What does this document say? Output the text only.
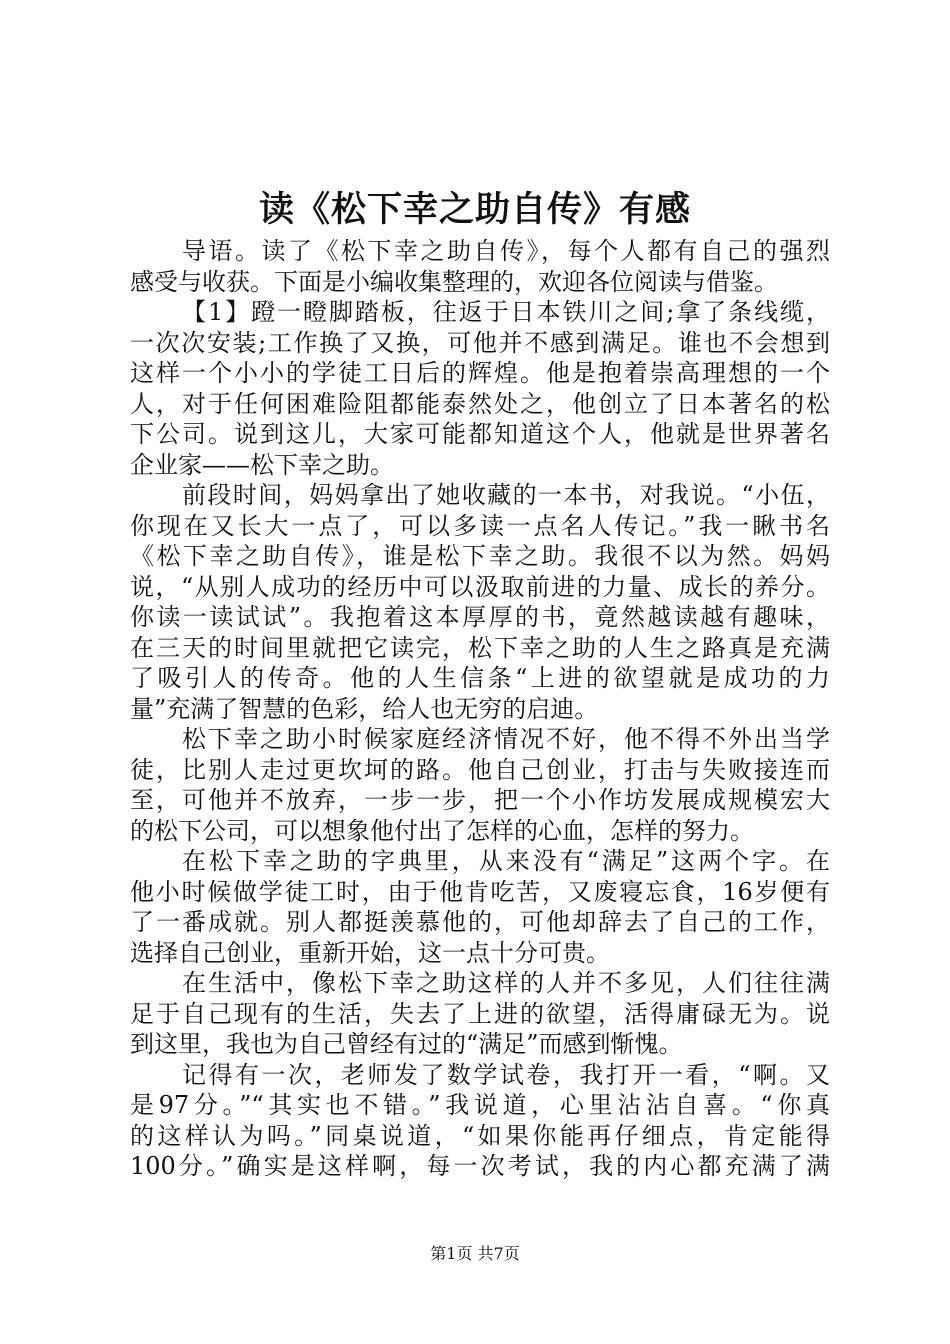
读《松下幸之助自传》有感
导语。读了《松下幸之助自传》，每个人都有自己的强烈
感受与收获。下面是小编收集整理的，欢迎各位阅读与借鉴。
【1】蹬一瞪脚踏板，往返于日本铁川之间;拿了条线缆，
一次次安装;工作换了又换，可他并不感到满足。谁也不会想到
这样一个小小的学徒工日后的辉煌。他是抱着崇高理想的一个
人，对于任何困难险阻都能泰然处之，他创立了日本著名的松
下公司。说到这儿，大家可能都知道这个人，他就是世界著名
企业家——松下幸之助。
前段时间，妈妈拿出了她收藏的一本书，对我说。“小伍，
你现在又长大一点了，可以多读一点名人传记。”我一瞅书名
《松下幸之助自传》，谁是松下幸之助。我很不以为然。妈妈
说，“从别人成功的经历中可以汲取前进的力量、成长的养分。
你读一读试试”。我抱着这本厚厚的书，竟然越读越有趣味，
在三天的时间里就把它读完，松下幸之助的人生之路真是充满
了吸引人的传奇。他的人生信条“上进的欲望就是成功的力
量”充满了智慧的色彩，给人也无穷的启迪。
松下幸之助小时候家庭经济情况不好，他不得不外出当学
徒，比别人走过更坎坷的路。他自己创业，打击与失败接连而
至，可他并不放弃，一步一步，把一个小作坊发展成规模宏大
的松下公司，可以想象他付出了怎样的心血，怎样的努力。
在松下幸之助的字典里，从来没有“满足”这两个字。在
他小时候做学徒工时，由于他肯吃苦，又废寝忘食，16岁便有
了一番成就。别人都挺羡慕他的，可他却辞去了自己的工作，
选择自己创业，重新开始，这一点十分可贵。
在生活中，像松下幸之助这样的人并不多见，人们往往满
足于自己现有的生活，失去了上进的欲望，活得庸碌无为。说
到这里，我也为自己曾经有过的“满足”而感到惭愧。
记得有一次，老师发了数学试卷，我打开一看，“啊。又
是97分。”“其实也不错。”我说道，心里沾沾自喜。“你真
的这样认为吗。”同桌说道，“如果你能再仔细点，肯定能得
100分。”确实是这样啊，每一次考试，我的内心都充满了满
第1页 共7页
